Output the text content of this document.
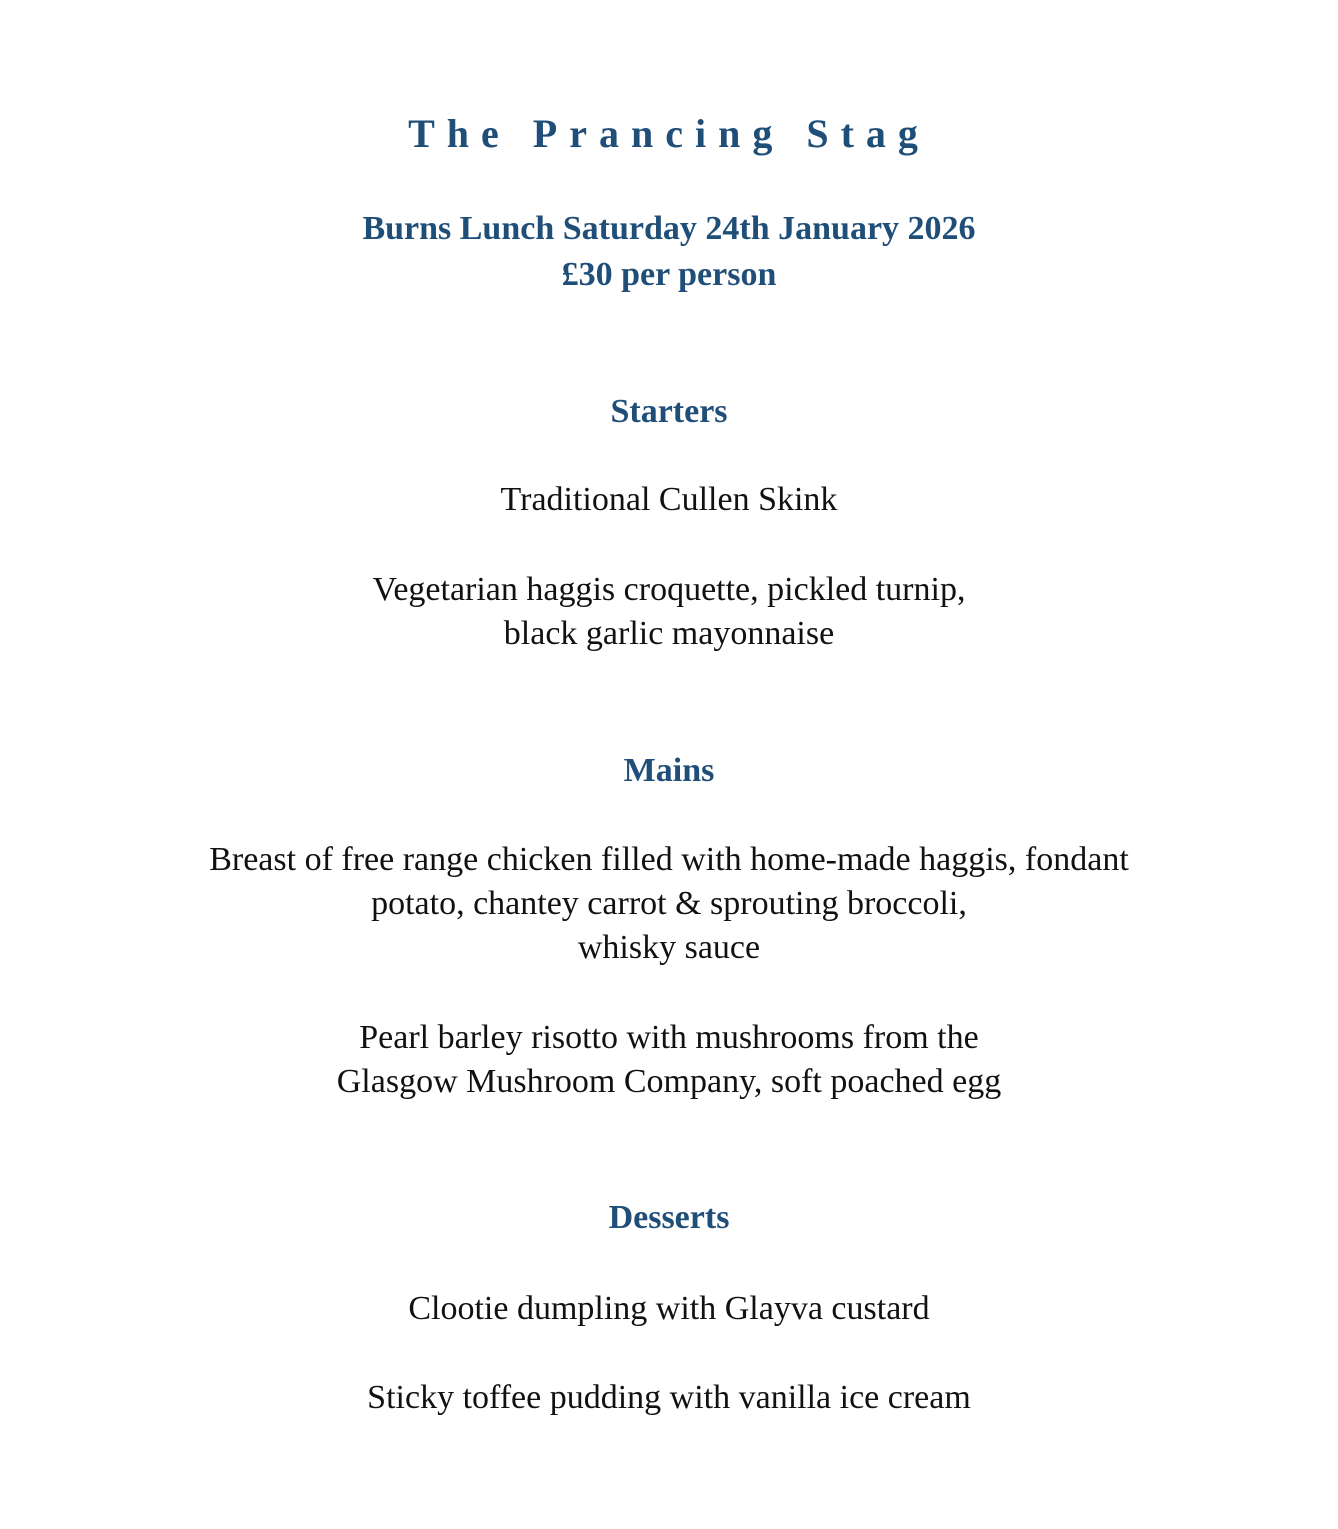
The Prancing Stag
Burns Lunch Saturday 24th January 2026
£30 per person
Starters
Traditional Cullen Skink
Vegetarian haggis croquette, pickled turnip,
black garlic mayonnaise
Mains
Breast of free range chicken filled with home-made haggis, fondant
potato, chantey carrot & sprouting broccoli,
whisky sauce
Pearl barley risotto with mushrooms from the
Glasgow Mushroom Company, soft poached egg
Desserts
Clootie dumpling with Glayva custard
Sticky toffee pudding with vanilla ice cream
